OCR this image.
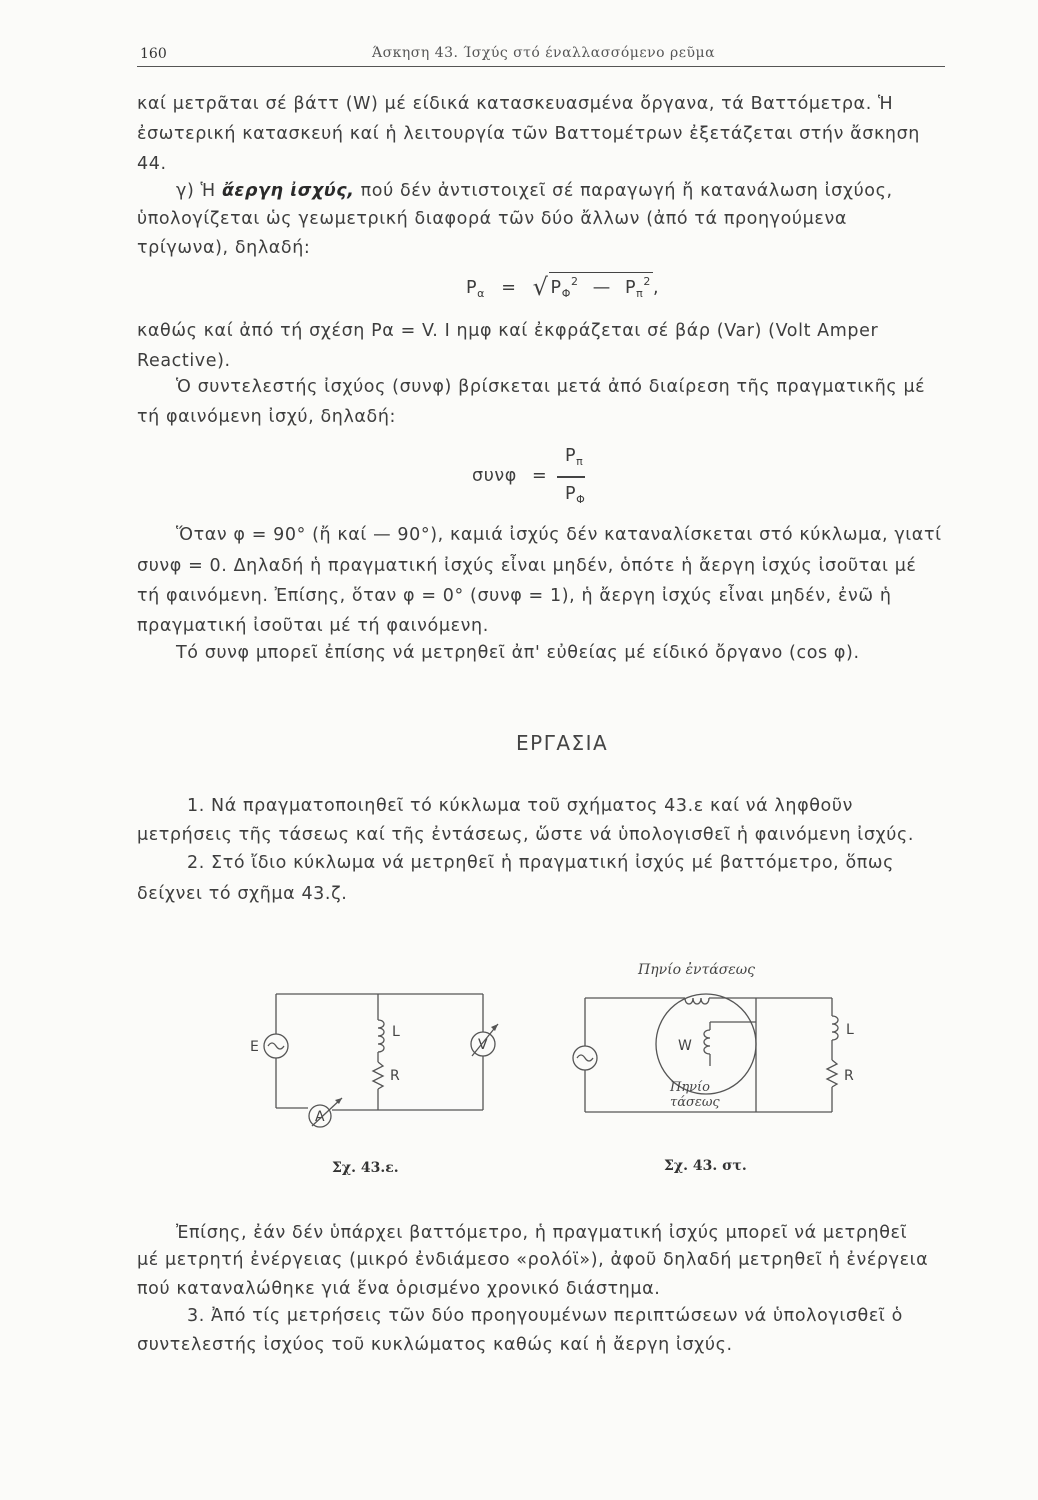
160	Άσκηση 43. Ίσχύς στό έναλλασσόμενο ρεῦμα
καί μετρᾶται σέ βάττ (W) μέ είδικά κατασκευασμένα ὄργανα, τά Βαττόμετρα. Ἡ
ἐσωτερική κατασκευή καί ἡ λειτουργία τῶν Βαττομέτρων ἐξετάζεται στήν ἄσκηση
44.
γ) Ἡ ἄεργη ἰσχύς, πού δέν ἀντιστοιχεῖ σέ παραγωγή ἤ κατανάλωση ἰσχύος,
ὑπολογίζεται ὡς γεωμετρική διαφορά τῶν δύο ἄλλων (ἀπό τά προηγούμενα
τρίγωνα), δηλαδή:
$P_\alpha$ = √ $P_\Phi^2$ — $P_\pi^2$ ,
καθώς καί ἀπό τή σχέση Pα = V. I ημφ καί ἐκφράζεται σέ βάρ (Var) (Volt Amper
Reactive).
Ὁ συντελεστής ἰσχύος (συνφ) βρίσκεται μετά ἀπό διαίρεση τῆς πραγματικῆς μέ
τή φαινόμενη ἰσχύ, δηλαδή:
συνφ =
$P_\pi$
$P_\Phi$
Ὅταν φ = 90° (ἤ καί — 90°), καμιά ἰσχύς δέν καταναλίσκεται στό κύκλωμα, γιατί
συνφ = 0. Δηλαδή ἡ πραγματική ἰσχύς εἶναι μηδέν, ὁπότε ἡ ἄεργη ἰσχύς ἰσοῦται μέ
τή φαινόμενη. Ἐπίσης, ὅταν φ = 0° (συνφ = 1), ἡ ἄεργη ἰσχύς εἶναι μηδέν, ἐνῶ ἡ
πραγματική ἰσοῦται μέ τή φαινόμενη.
Τό συνφ μπορεῖ ἐπίσης νά μετρηθεῖ ἀπ' εὐθείας μέ είδικό ὄργανο (cos φ).
ΕΡΓΑΣΙΑ
1. Νά πραγματοποιηθεῖ τό κύκλωμα τοῦ σχήματος 43.ε καί νά ληφθοῦν
μετρήσεις τῆς τάσεως καί τῆς ἐντάσεως, ὥστε νά ὑπολογισθεῖ ἡ φαινόμενη ἰσχύς.
2. Στό ἴδιο κύκλωμα νά μετρηθεῖ ἡ πραγματική ἰσχύς μέ βαττόμετρο, ὅπως
δείχνει τό σχῆμα 43.ζ.
E
A
L
R
V
Σχ. 43.ε.
Πηνίο ἐντάσεως
W
L
R
Πηνίο
τάσεως
Σχ. 43. στ.
Ἐπίσης, ἐάν δέν ὑπάρχει βαττόμετρο, ἡ πραγματική ἰσχύς μπορεῖ νά μετρηθεῖ
μέ μετρητή ἐνέργειας (μικρό ἐνδιάμεσο «ρολόϊ»), ἀφοῦ δηλαδή μετρηθεῖ ἡ ἐνέργεια
πού καταναλώθηκε γιά ἕνα ὁρισμένο χρονικό διάστημα.
3. Ἀπό τίς μετρήσεις τῶν δύο προηγουμένων περιπτώσεων νά ὑπολογισθεῖ ὁ
συντελεστής ἰσχύος τοῦ κυκλώματος καθώς καί ἡ ἄεργη ἰσχύς.
